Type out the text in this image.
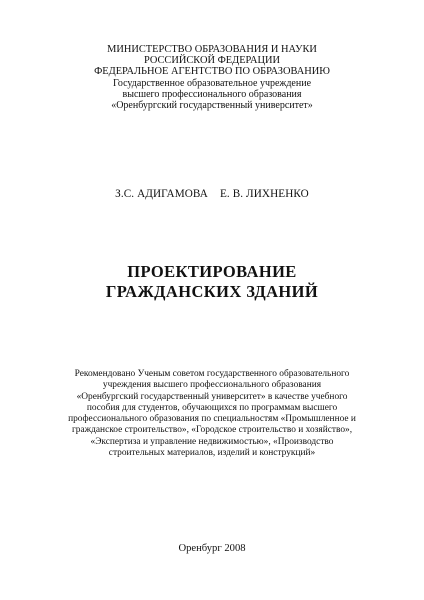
МИНИСТЕРСТВО ОБРАЗОВАНИЯ И НАУКИ
РОССИЙСКОЙ ФЕДЕРАЦИИ
ФЕДЕРАЛЬНОЕ АГЕНТСТВО ПО ОБРАЗОВАНИЮ
Государственное образовательное учреждение
высшего профессионального образования
«Оренбургский государственный университет»
З.С. АДИГАМОВА Е. В. ЛИХНЕНКО
ПРОЕКТИРОВАНИЕ
ГРАЖДАНСКИХ ЗДАНИЙ
Рекомендовано Ученым советом государственного образовательного
учреждения высшего профессионального образования
«Оренбургский государственный университет» в качестве учебного
пособия для студентов, обучающихся по программам высшего
профессионального образования по специальностям «Промышленное и
гражданское строительство», «Городское строительство и хозяйство»,
«Экспертиза и управление недвижимостью», «Производство
строительных материалов, изделий и конструкций»
Оренбург 2008
